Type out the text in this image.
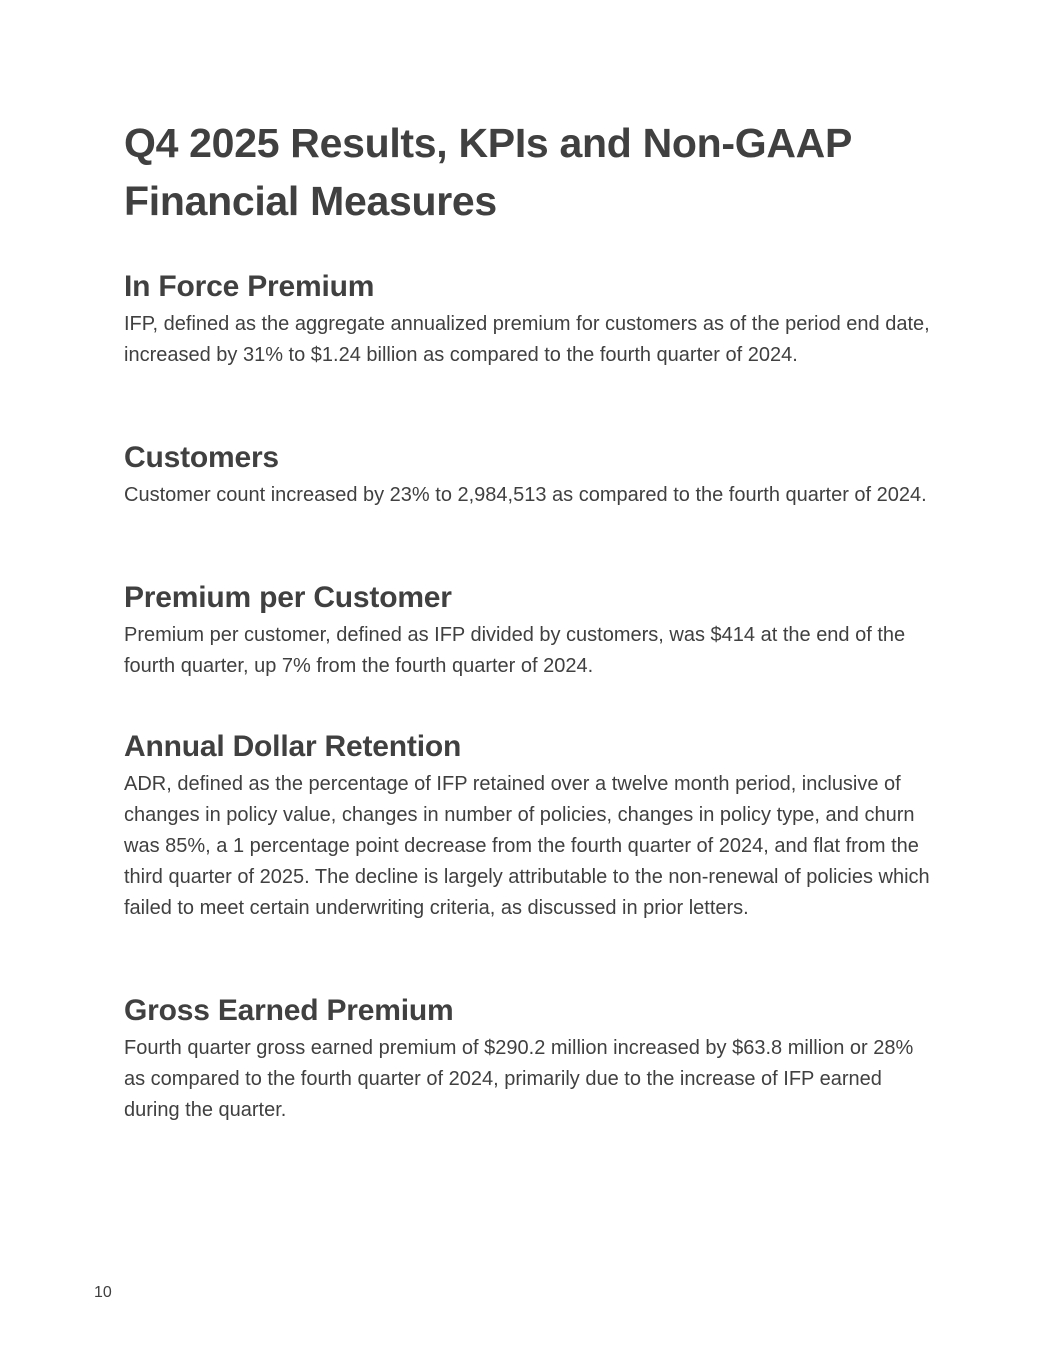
Q4 2025 Results, KPIs and Non-GAAP Financial Measures
In Force Premium

IFP, defined as the aggregate annualized premium for customers as of the period end date, increased by 31% to $1.24 billion as compared to the fourth quarter of 2024.

Customers

Customer count increased by 23% to 2,984,513 as compared to the fourth quarter of 2024.

Premium per Customer

Premium per customer, defined as IFP divided by customers, was $414 at the end of the fourth quarter, up 7% from the fourth quarter of 2024.

Annual Dollar Retention

ADR, defined as the percentage of IFP retained over a twelve month period, inclusive of changes in policy value, changes in number of policies, changes in policy type, and churn was 85%, a 1 percentage point decrease from the fourth quarter of 2024, and flat from the third quarter of 2025. The decline is largely attributable to the non-renewal of policies which failed to meet certain underwriting criteria, as discussed in prior letters.

Gross Earned Premium

Fourth quarter gross earned premium of $290.2 million increased by $63.8 million or 28% as compared to the fourth quarter of 2024, primarily due to the increase of IFP earned during the quarter.

10
